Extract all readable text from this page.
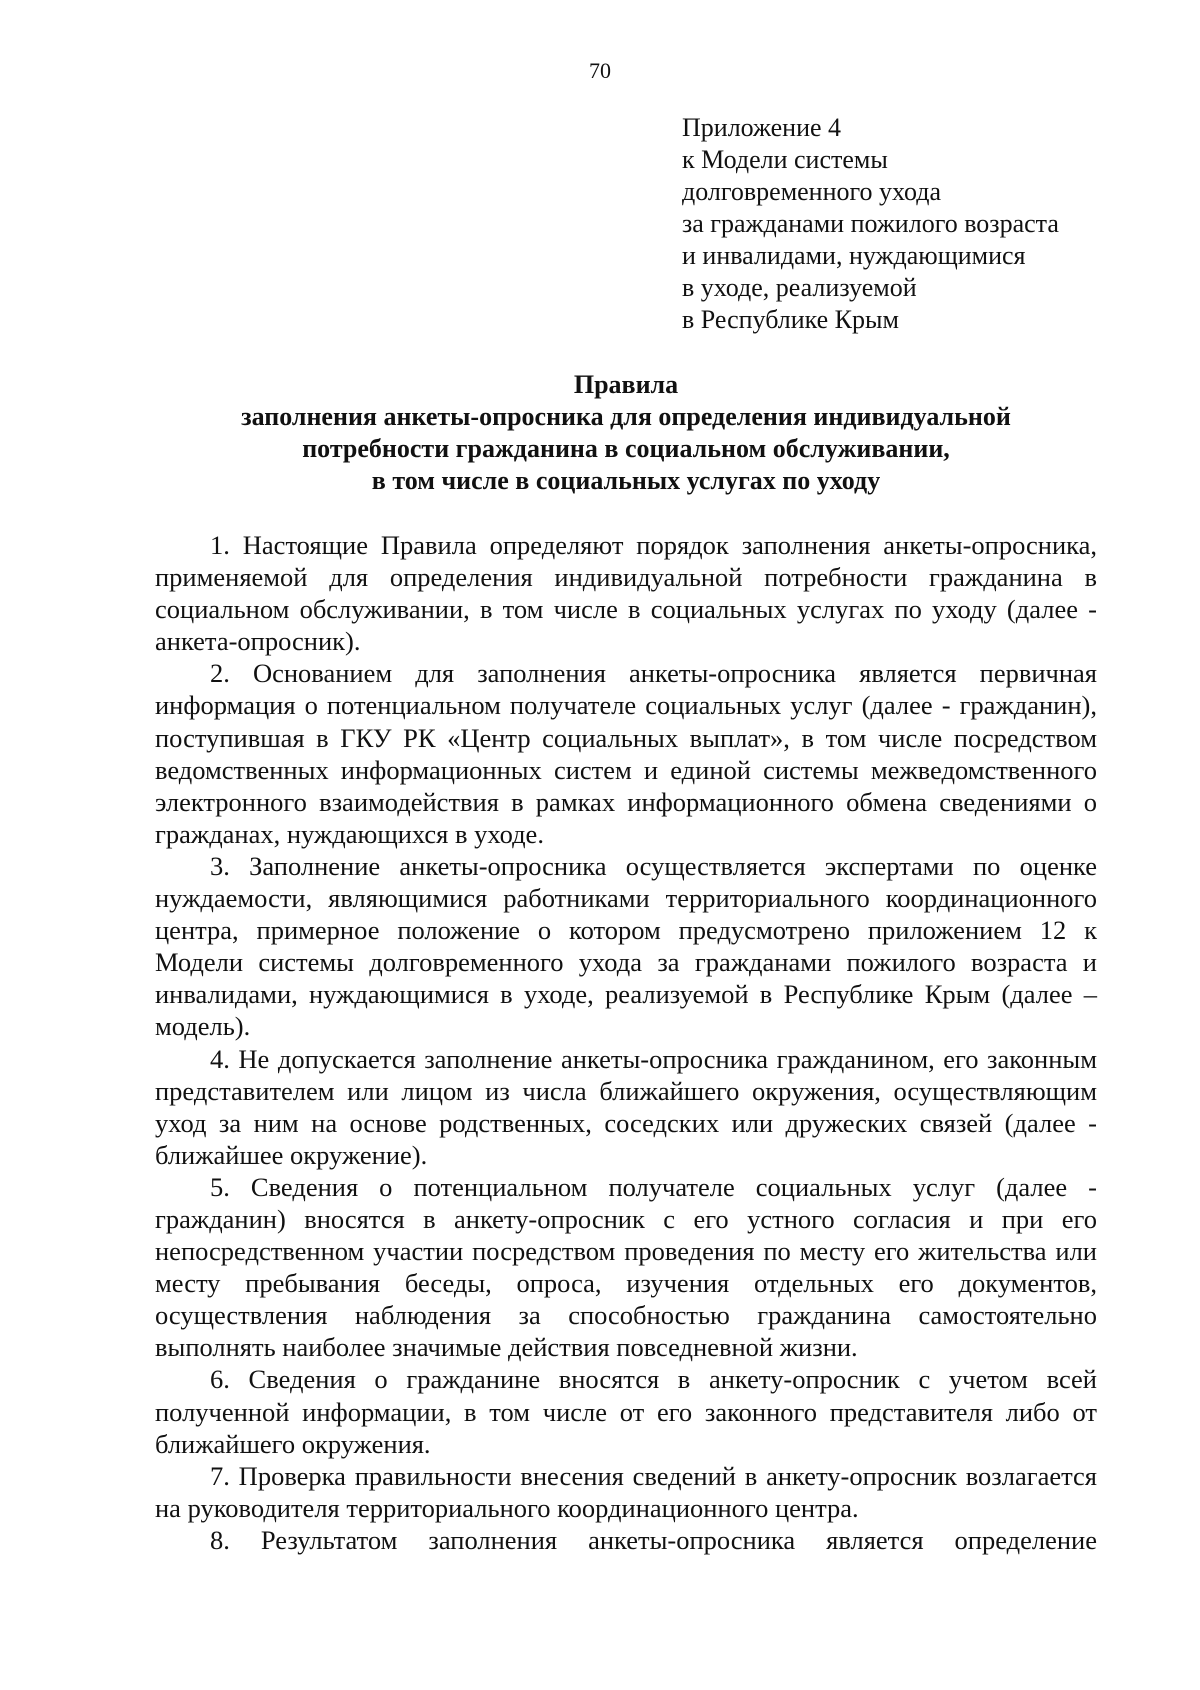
70
Приложение 4
к Модели системы
долговременного ухода
за гражданами пожилого возраста
и инвалидами, нуждающимися
в уходе, реализуемой
в Республике Крым
Правила
заполнения анкеты-опросника для определения индивидуальной
потребности гражданина в социальном обслуживании,
в том числе в социальных услугах по уходу

1. Настоящие Правила определяют порядок заполнения анкеты-опросника, применяемой для определения индивидуальной потребности гражданина в социальном обслуживании, в том числе в социальных услугах по уходу (далее - анкета-опросник).

2. Основанием для заполнения анкеты-опросника является первичная информация о потенциальном получателе социальных услуг (далее - гражданин), поступившая в ГКУ РК «Центр социальных выплат», в том числе посредством ведомственных информационных систем и единой системы межведомственного электронного взаимодействия в рамках информационного обмена сведениями о гражданах, нуждающихся в уходе.

3. Заполнение анкеты-опросника осуществляется экспертами по оценке нуждаемости, являющимися работниками территориального координационного центра, примерное положение о котором предусмотрено приложением 12 к Модели системы долговременного ухода за гражданами пожилого возраста и инвалидами, нуждающимися в уходе, реализуемой в Республике Крым (далее – модель).

4. Не допускается заполнение анкеты-опросника гражданином, его законным представителем или лицом из числа ближайшего окружения, осуществляющим уход за ним на основе родственных, соседских или дружеских связей (далее - ближайшее окружение).

5. Сведения о потенциальном получателе социальных услуг (далее - гражданин) вносятся в анкету-опросник с его устного согласия и при его непосредственном участии посредством проведения по месту его жительства или месту пребывания беседы, опроса, изучения отдельных его документов, осуществления наблюдения за способностью гражданина самостоятельно выполнять наиболее значимые действия повседневной жизни.

6. Сведения о гражданине вносятся в анкету-опросник с учетом всей полученной информации, в том числе от его законного представителя либо от ближайшего окружения.

7. Проверка правильности внесения сведений в анкету-опросник возлагается на руководителя территориального координационного центра.

8. Результатом заполнения анкеты-опросника является определение
